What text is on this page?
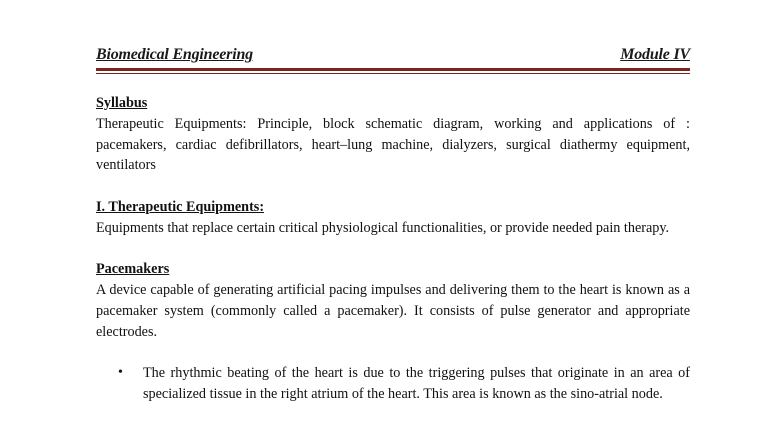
Biomedical Engineering	Module IV
Syllabus

Therapeutic Equipments: Principle, block schematic diagram, working and applications of : pacemakers, cardiac defibrillators, heart–lung machine, dialyzers, surgical diathermy equipment, ventilators

I. Therapeutic Equipments:

Equipments that replace certain critical physiological functionalities, or provide needed pain therapy.

Pacemakers

A device capable of generating artificial pacing impulses and delivering them to the heart is known as a pacemaker system (commonly called a pacemaker). It consists of pulse generator and appropriate electrodes.

• The rhythmic beating of the heart is due to the triggering pulses that originate in an area of specialized tissue in the right atrium of the heart. This area is known as the sino-atrial node.
